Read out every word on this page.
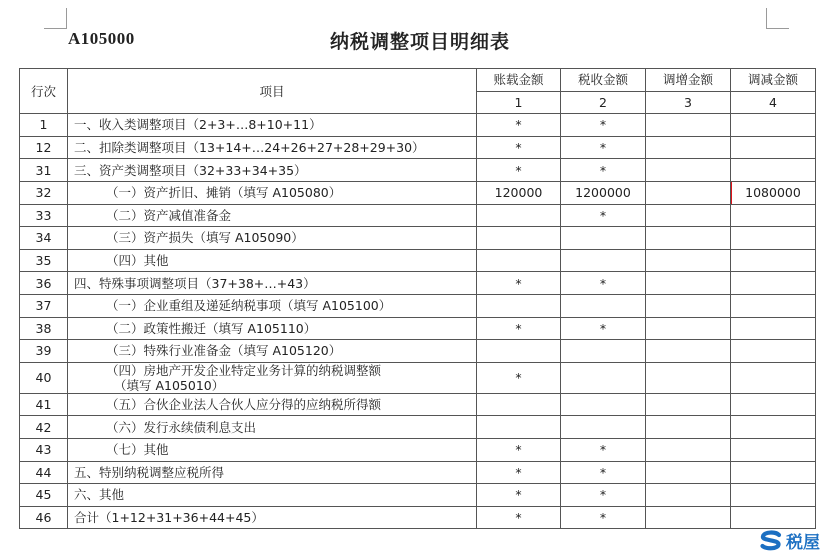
A105000	纳税调整项目明细表
行次	项目	账载金额	税收金额	调增金额	调减金额
		1	2	3	4
1	一、收入类调整项目（2+3+…8+10+11）	*	*		
12	二、扣除类调整项目（13+14+…24+26+27+28+29+30）	*	*		
31	三、资产类调整项目（32+33+34+35）	*	*		
32	（一）资产折旧、摊销（填写 A105080）	120000	1200000		1080000

33	（二）资产减值准备金		*		
34	（三）资产损失（填写 A105090）				
35	（四）其他				
36	四、特殊事项调整项目（37+38+…+43）	*	*		
37	（一）企业重组及递延纳税事项（填写 A105100）				
38	（二）政策性搬迁（填写 A105110）	*	*		
39	（三）特殊行业准备金（填写 A105120）				
40	（四）房地产开发企业特定业务计算的纳税调整额
（填写 A105010）	*			
41	（五）合伙企业法人合伙人应分得的应纳税所得额				
42	（六）发行永续债利息支出				
43	（七）其他	*	*		
44	五、特别纳税调整应税所得	*	*		
45	六、其他	*	*		
46	合计（1+12+31+36+44+45）	*	*		
税屋
